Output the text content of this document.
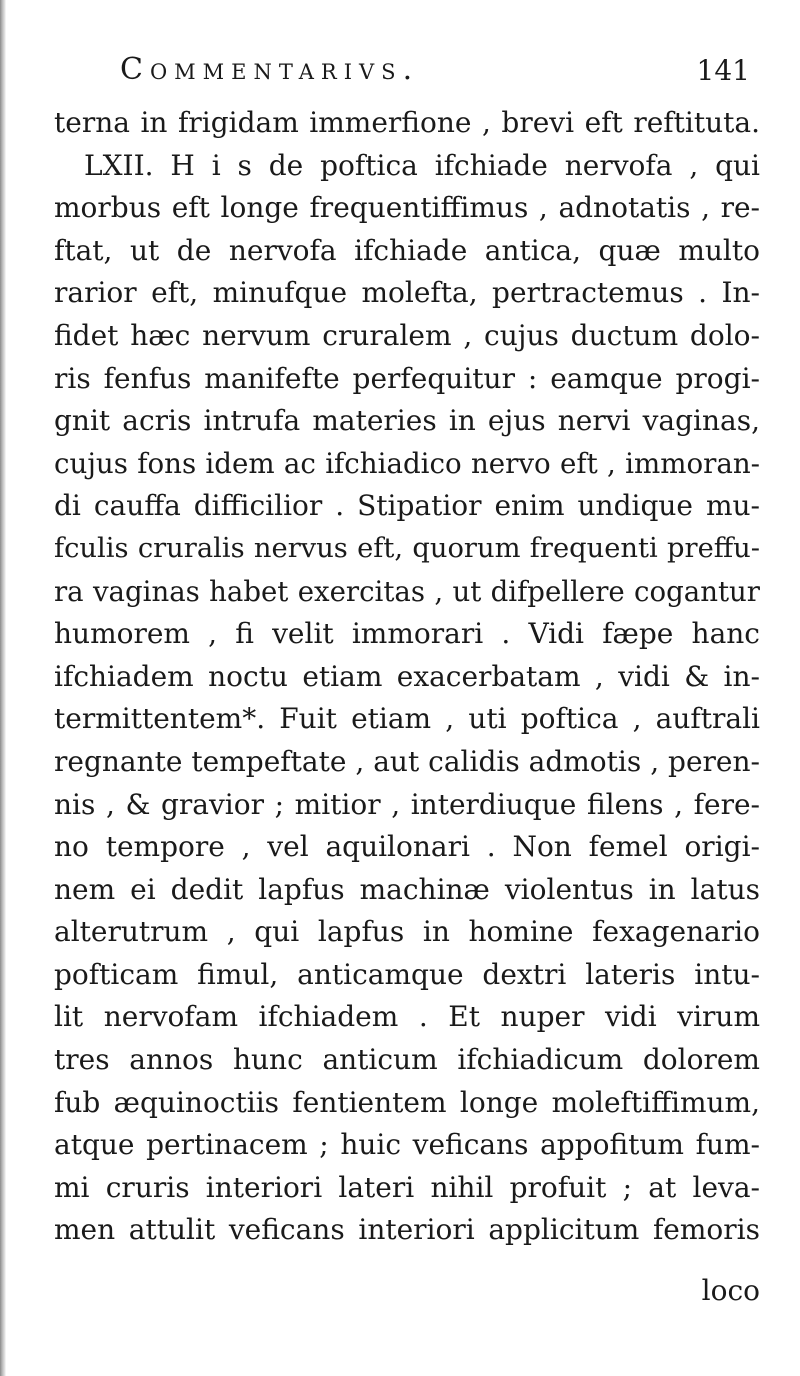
Commentarivs.	141
terna in frigidam immerfione , brevi eft reftituta.
LXII. H i s de poftica ifchiade nervofa , qui
morbus eft longe frequentiffimus , adnotatis , re-
ftat, ut de nervofa ifchiade antica, quæ multo
rarior eft, minufque molefta, pertractemus . In-
fidet hæc nervum cruralem , cujus ductum dolo-
ris fenfus manifefte perfequitur : eamque progi-
gnit acris intrufa materies in ejus nervi vaginas,
cujus fons idem ac ifchiadico nervo eft , immoran-
di cauffa difficilior . Stipatior enim undique mu-
fculis cruralis nervus eft, quorum frequenti preffu-
ra vaginas habet exercitas , ut difpellere cogantur
humorem , fi velit immorari . Vidi fæpe hanc
ifchiadem noctu etiam exacerbatam , vidi & in-
termittentem*. Fuit etiam , uti poftica , auftrali
regnante tempeftate , aut calidis admotis , peren-
nis , & gravior ; mitior , interdiuque filens , fere-
no tempore , vel aquilonari . Non femel origi-
nem ei dedit lapfus machinæ violentus in latus
alterutrum , qui lapfus in homine fexagenario
pofticam fimul, anticamque dextri lateris intu-
lit nervofam ifchiadem . Et nuper vidi virum
tres annos hunc anticum ifchiadicum dolorem
fub æquinoctiis fentientem longe moleftiffimum,
atque pertinacem ; huic veficans appofitum fum-
mi cruris interiori lateri nihil profuit ; at leva-
men attulit veficans interiori applicitum femoris
loco
